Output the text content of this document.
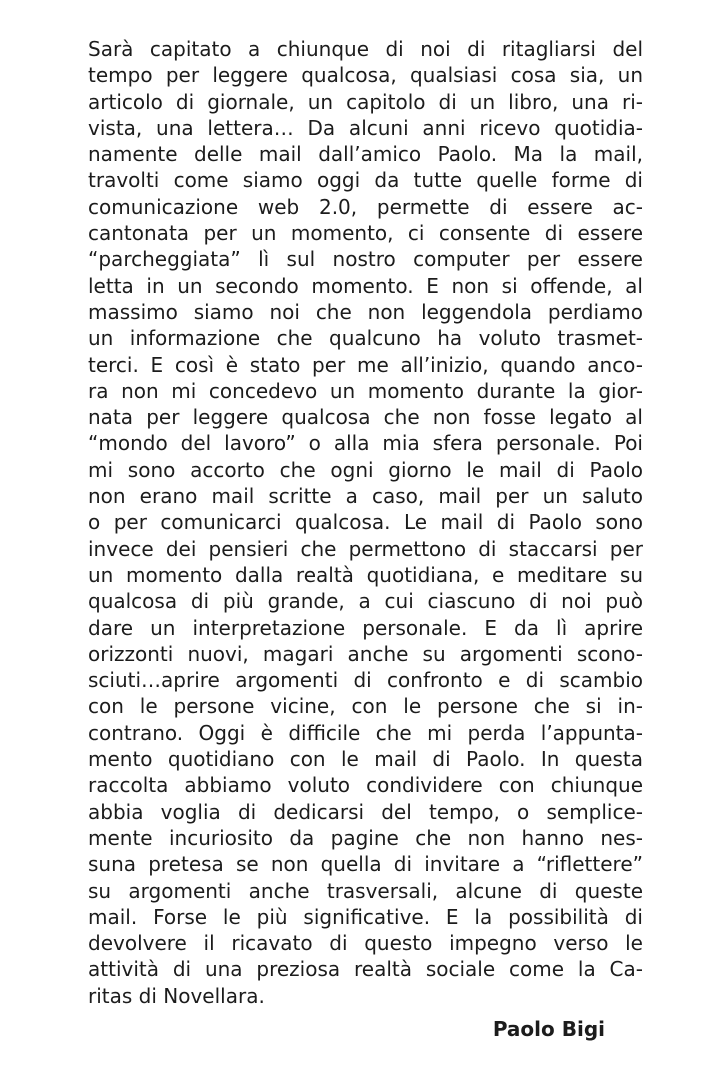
Sarà capitato a chiunque di noi di ritagliarsi del
tempo per leggere qualcosa, qualsiasi cosa sia, un
articolo di giornale, un capitolo di un libro, una ri-
vista, una lettera… Da alcuni anni ricevo quotidia-
namente delle mail dall’amico Paolo. Ma la mail,
travolti come siamo oggi da tutte quelle forme di
comunicazione web 2.0, permette di essere ac-
cantonata per un momento, ci consente di essere
“parcheggiata” lì sul nostro computer per essere
letta in un secondo momento. E non si offende, al
massimo siamo noi che non leggendola perdiamo
un informazione che qualcuno ha voluto trasmet-
terci. E così è stato per me all’inizio, quando anco-
ra non mi concedevo un momento durante la gior-
nata per leggere qualcosa che non fosse legato al
“mondo del lavoro” o alla mia sfera personale. Poi
mi sono accorto che ogni giorno le mail di Paolo
non erano mail scritte a caso, mail per un saluto
o per comunicarci qualcosa. Le mail di Paolo sono
invece dei pensieri che permettono di staccarsi per
un momento dalla realtà quotidiana, e meditare su
qualcosa di più grande, a cui ciascuno di noi può
dare un interpretazione personale. E da lì aprire
orizzonti nuovi, magari anche su argomenti scono-
sciuti…aprire argomenti di confronto e di scambio
con le persone vicine, con le persone che si in-
contrano. Oggi è difficile che mi perda l’appunta-
mento quotidiano con le mail di Paolo. In questa
raccolta abbiamo voluto condividere con chiunque
abbia voglia di dedicarsi del tempo, o semplice-
mente incuriosito da pagine che non hanno nes-
suna pretesa se non quella di invitare a “riflettere”
su argomenti anche trasversali, alcune di queste
mail. Forse le più significative. E la possibilità di
devolvere il ricavato di questo impegno verso le
attività di una preziosa realtà sociale come la Ca-
ritas di Novellara.
Paolo Bigi
